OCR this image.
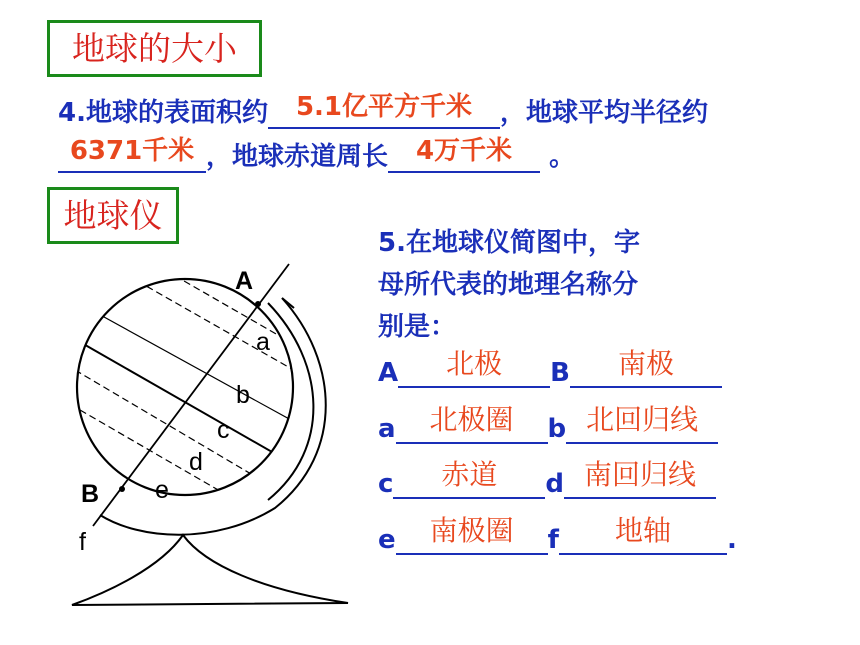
地球的大小
地球仪
4.地球的表面积约	5.1亿平方千米	，地球平均半径约
6371千米 ，地球赤道周长	4万千米	。
5.在地球仪简图中，字
母所代表的地理名称分
别是：
A	北极	B	南极
a	北极圈	b 北回归线
c	赤道	d 南回归线
e	南极圈	f	地轴	.
A
B
a
b
c
d
e
f
